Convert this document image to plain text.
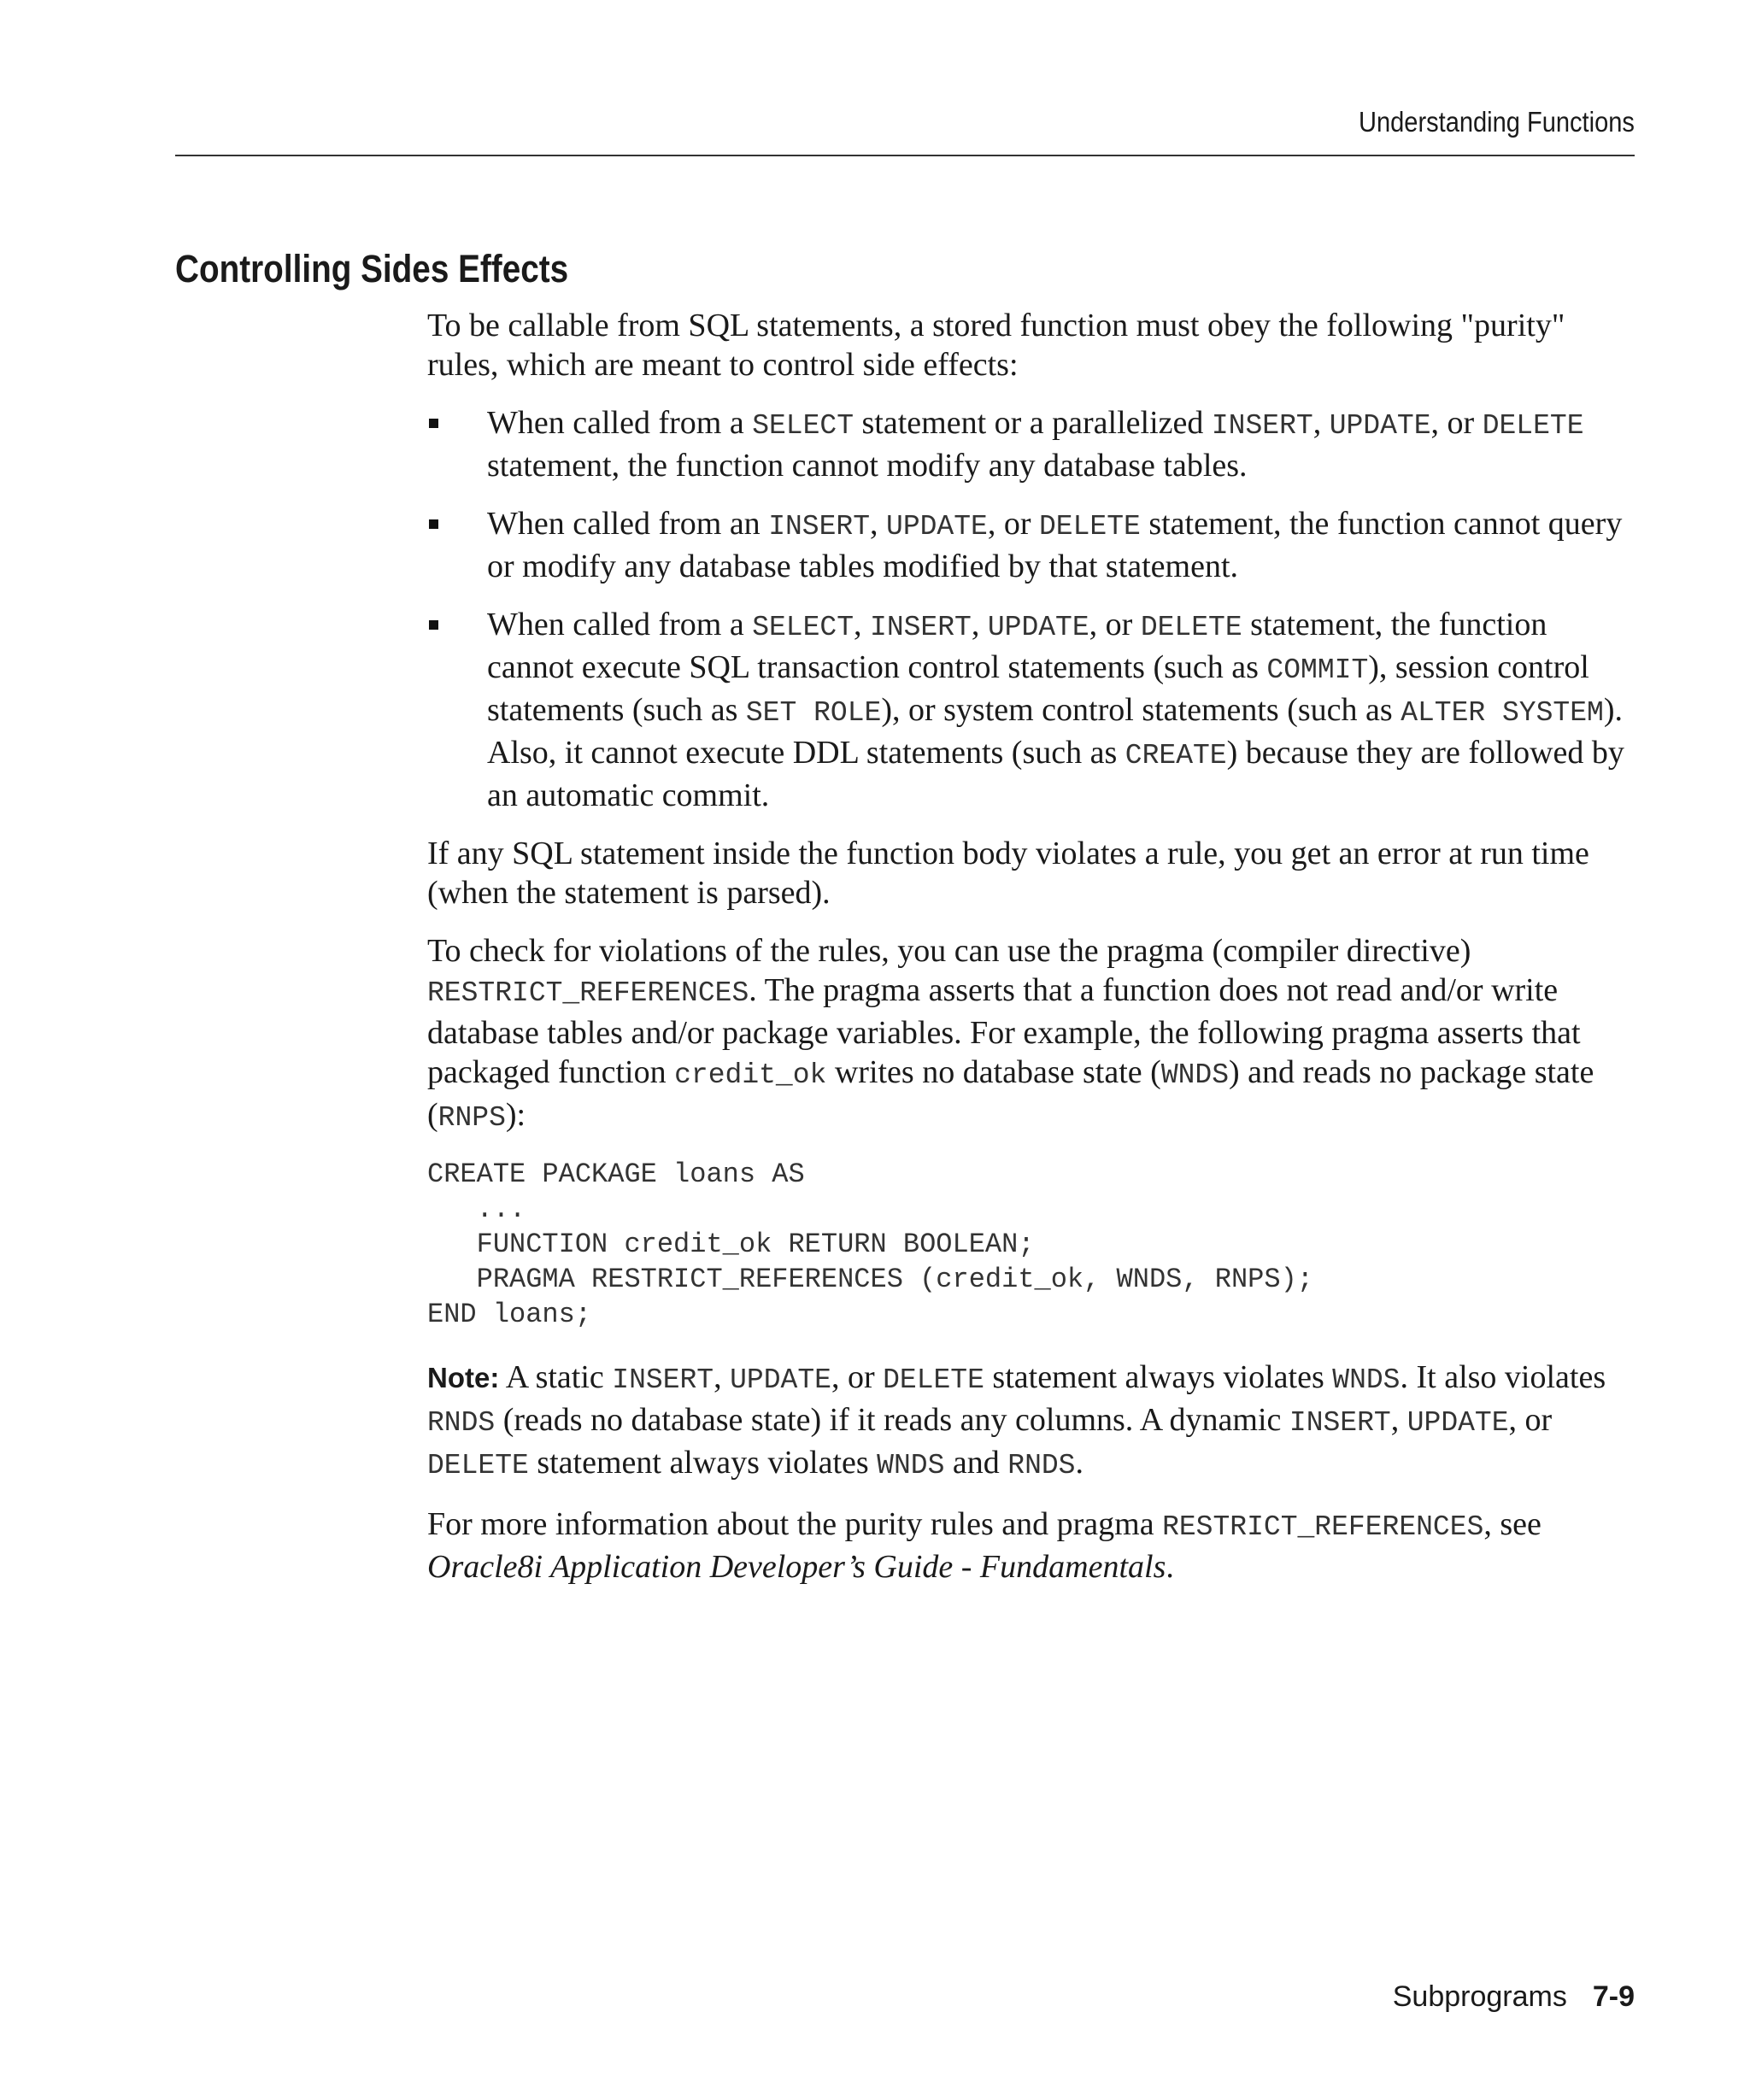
Understanding Functions
Controlling Sides Effects

To be callable from SQL statements, a stored function must obey the following "purity" rules, which are meant to control side effects:

When called from a SELECT statement or a parallelized INSERT, UPDATE, or DELETE statement, the function cannot modify any database tables.
When called from an INSERT, UPDATE, or DELETE statement, the function cannot query or modify any database tables modified by that statement.
When called from a SELECT, INSERT, UPDATE, or DELETE statement, the function cannot execute SQL transaction control statements (such as COMMIT), session control statements (such as SET ROLE), or system control statements (such as ALTER SYSTEM). Also, it cannot execute DDL statements (such as CREATE) because they are followed by an automatic commit.

If any SQL statement inside the function body violates a rule, you get an error at run time (when the statement is parsed).

To check for violations of the rules, you can use the pragma (compiler directive) RESTRICT_REFERENCES. The pragma asserts that a function does not read and/or write database tables and/or package variables. For example, the following pragma asserts that packaged function credit_ok writes no database state (WNDS) and reads no package state (RNPS):

CREATE PACKAGE loans AS
...
FUNCTION credit_ok RETURN BOOLEAN;
PRAGMA RESTRICT_REFERENCES (credit_ok, WNDS, RNPS);
END loans;

Note: A static INSERT, UPDATE, or DELETE statement always violates WNDS. It also violates RNDS (reads no database state) if it reads any columns. A dynamic INSERT, UPDATE, or DELETE statement always violates WNDS and RNDS.

For more information about the purity rules and pragma RESTRICT_REFERENCES, see Oracle8i Application Developer’s Guide - Fundamentals.

Subprograms 7-9
